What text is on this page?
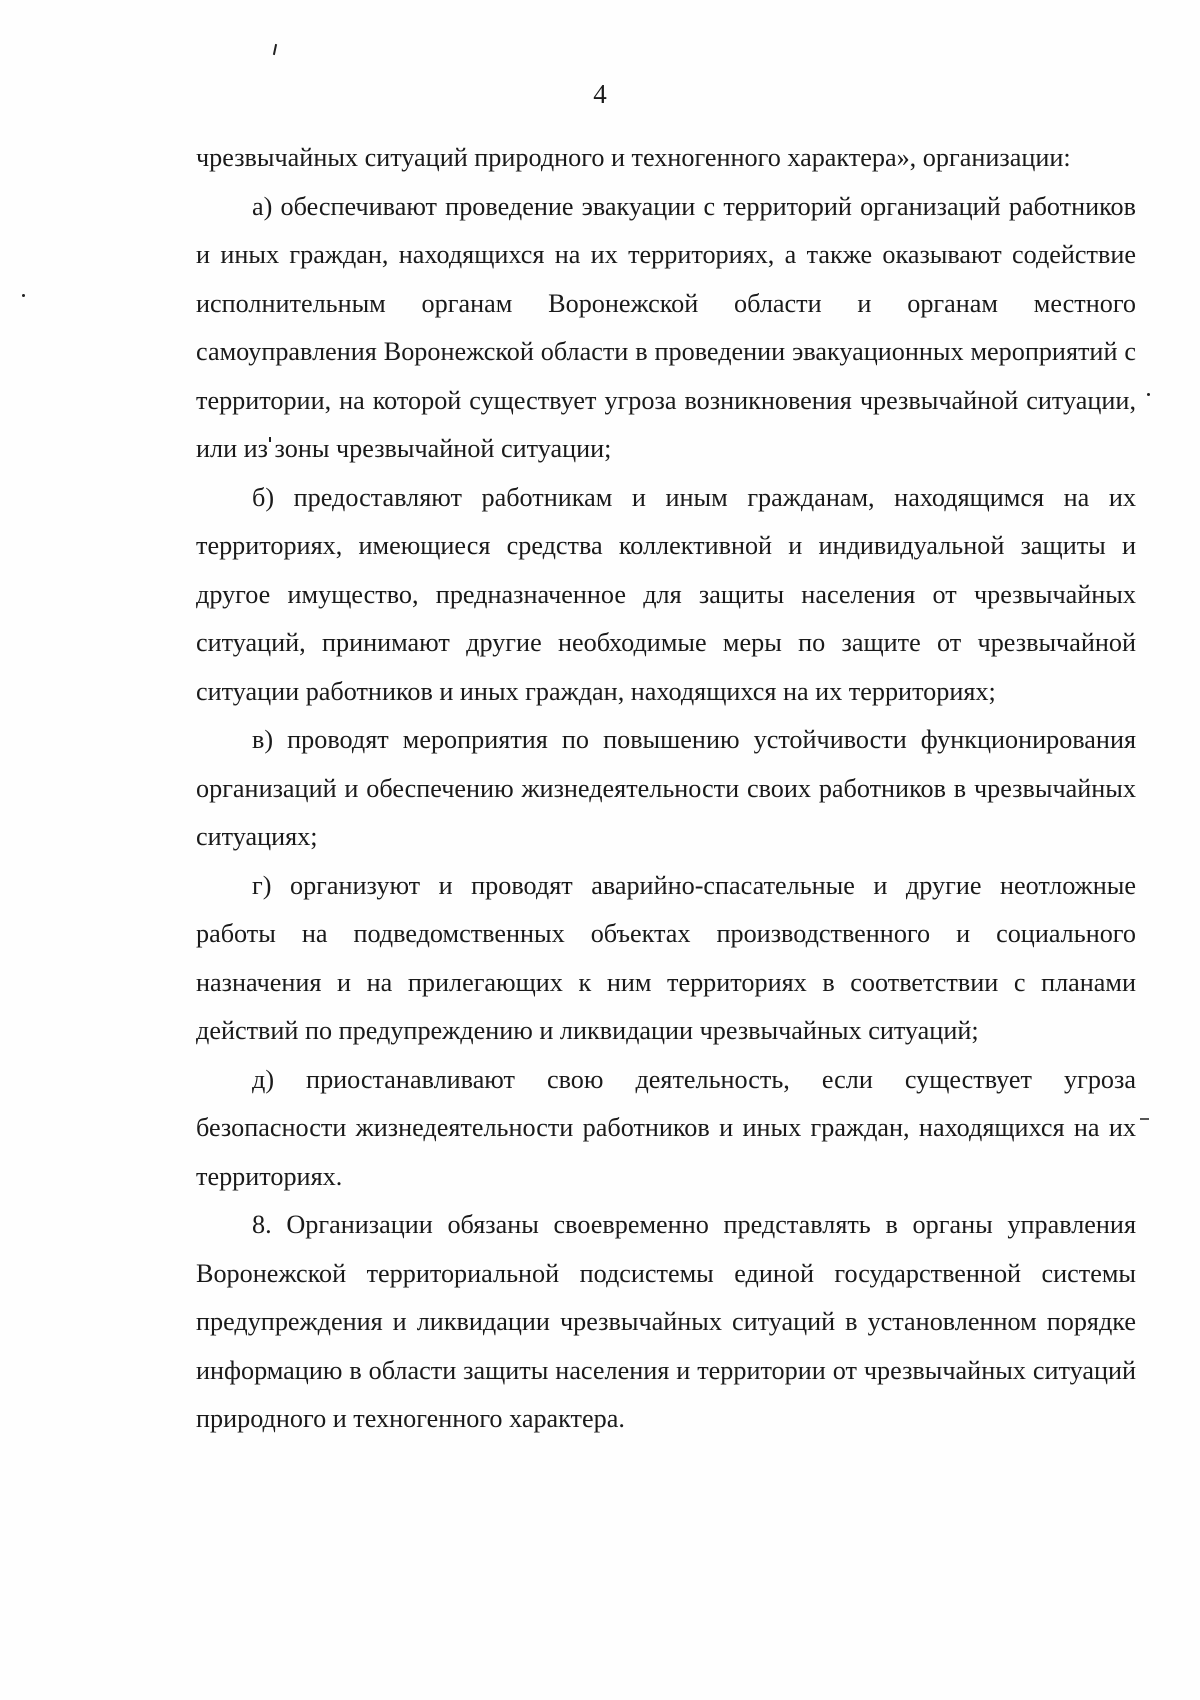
4

чрезвычайных ситуаций природного и техногенного характера», организации:

а) обеспечивают проведение эвакуации с территорий организаций работников и иных граждан, находящихся на их территориях, а также оказывают содействие исполнительным органам Воронежской области и органам местного самоуправления Воронежской области в проведении эвакуационных мероприятий с территории, на которой существует угроза возникновения чрезвычайной ситуации, или из зоны чрезвычайной ситуации;

б) предоставляют работникам и иным гражданам, находящимся на их территориях, имеющиеся средства коллективной и индивидуальной защиты и другое имущество, предназначенное для защиты населения от чрезвычайных ситуаций, принимают другие необходимые меры по защите от чрезвычайной ситуации работников и иных граждан, находящихся на их территориях;

в) проводят мероприятия по повышению устойчивости функционирования организаций и обеспечению жизнедеятельности своих работников в чрезвычайных ситуациях;

г) организуют и проводят аварийно-спасательные и другие неотложные работы на подведомственных объектах производственного и социального назначения и на прилегающих к ним территориях в соответствии с планами действий по предупреждению и ликвидации чрезвычайных ситуаций;

д) приостанавливают свою деятельность, если существует угроза безопасности жизнедеятельности работников и иных граждан, находящихся на их территориях.

8. Организации обязаны своевременно представлять в органы управления Воронежской территориальной подсистемы единой государственной системы предупреждения и ликвидации чрезвычайных ситуаций в установленном порядке информацию в области защиты населения и территории от чрезвычайных ситуаций природного и техногенного характера.
